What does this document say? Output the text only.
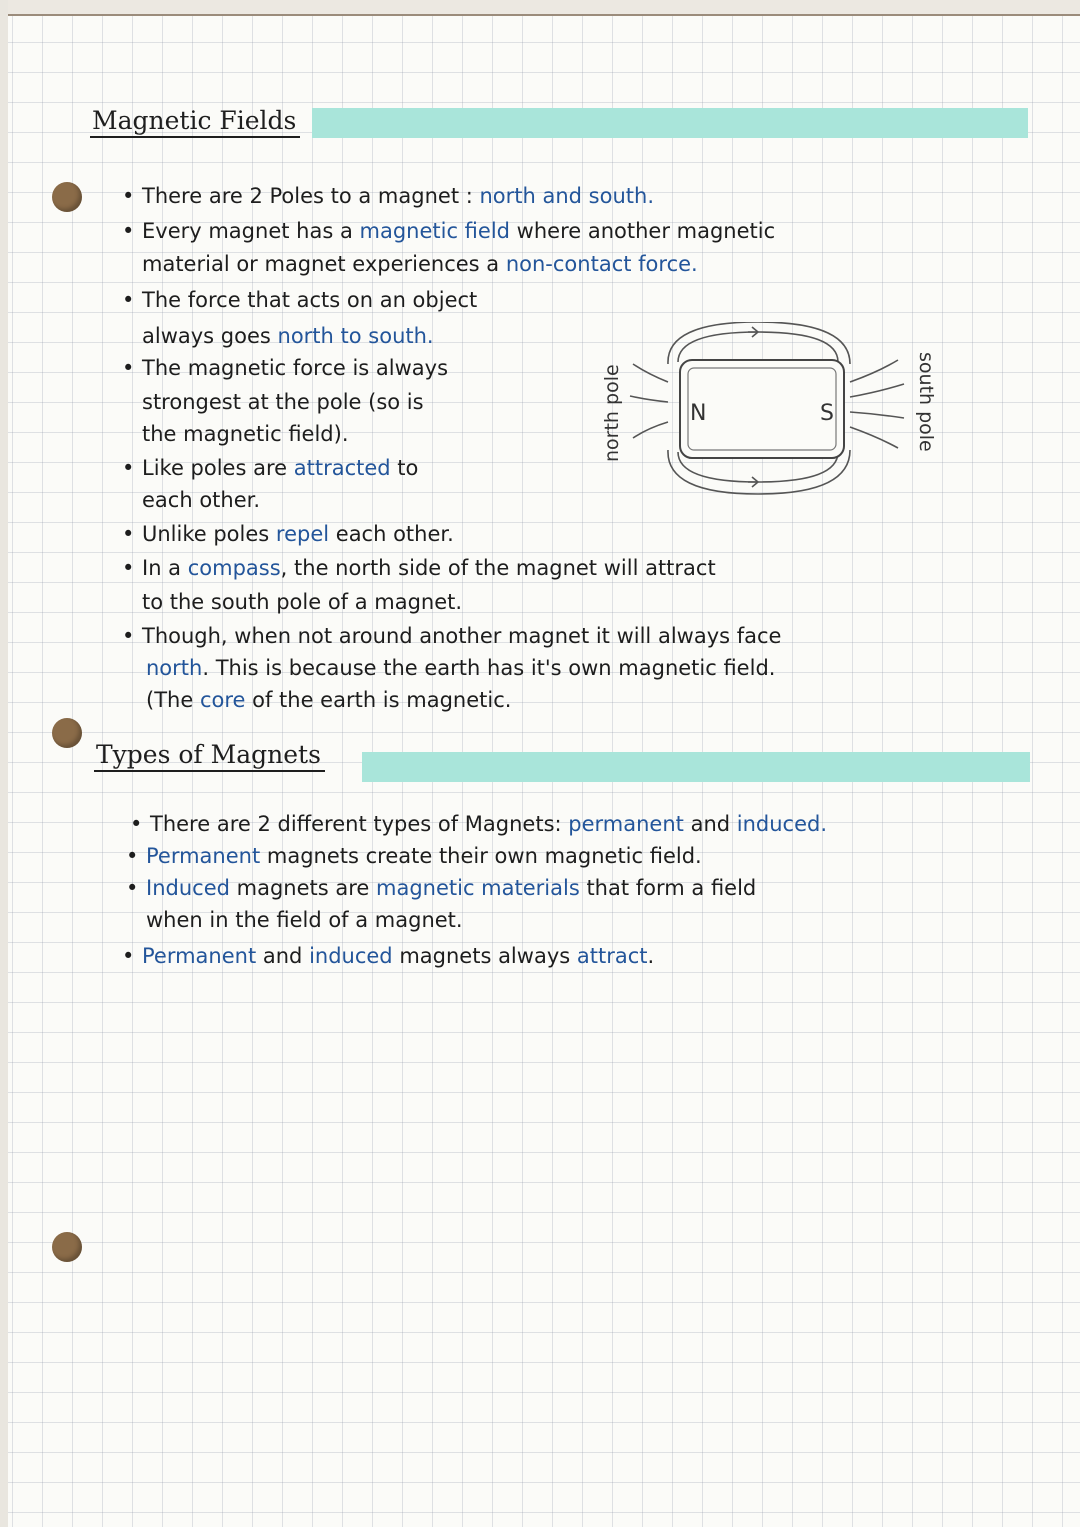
Magnetic Fields
• There are 2 Poles to a magnet : north and south.
• Every magnet has a magnetic field where another magnetic
material or magnet experiences a non-contact force.
• The force that acts on an object
always goes north to south.
• The magnetic force is always
strongest at the pole (so is
the magnetic field).
• Like poles are attracted to
each other.
• Unlike poles repel each other.
• In a compass, the north side of the magnet will attract
to the south pole of a magnet.
• Though, when not around another magnet it will always face
north. This is because the earth has it's own magnetic field.
(The core of the earth is magnetic.
N	S
north pole	south pole
Types of Magnets
• There are 2 different types of Magnets: permanent and induced.
• Permanent magnets create their own magnetic field.
• Induced magnets are magnetic materials that form a field
when in the field of a magnet.
• Permanent and induced magnets always attract.
